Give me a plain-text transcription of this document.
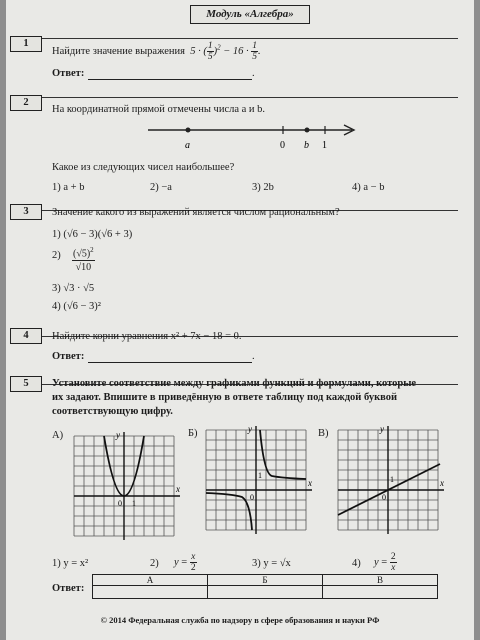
Модуль «Алгебра»
1
Найдите значение выражения  5 · ( $\frac{1}{5} )^2 - 16 \cdot \frac{1}{5}$ .
Ответ:	.
2
На координатной прямой отмечены числа a и b.
a	0 b 1
Какое из следующих чисел наибольшее?
1) a + b	2) −a	3) 2b	4) a − b
3	Значение какого из выражений является числом рациональным?
1) (√6 − 3)(√6 + 3)
$2) \frac{(√5)^2}{√10}$
3) √3 · √5
4) (√6 − 3)²
4	Найдите корни уравнения x² + 7x − 18 = 0.
Ответ:	.
5	Установите соответствие между графиками функций и формулами, которые
их задают. Впишите в приведённую в ответе таблицу под каждой буквой
соответствующую цифру.
А)	Б)	В)
y
x
0 1
y
x
0
1
y
x
0
1
1) y = x²	2) $y = \frac{x}{2}$	3) y = √x	4) $y = \frac{2}{x}$
Ответ:
А	Б	В

© 2014 Федеральная служба по надзору в сфере образования и науки РФ
